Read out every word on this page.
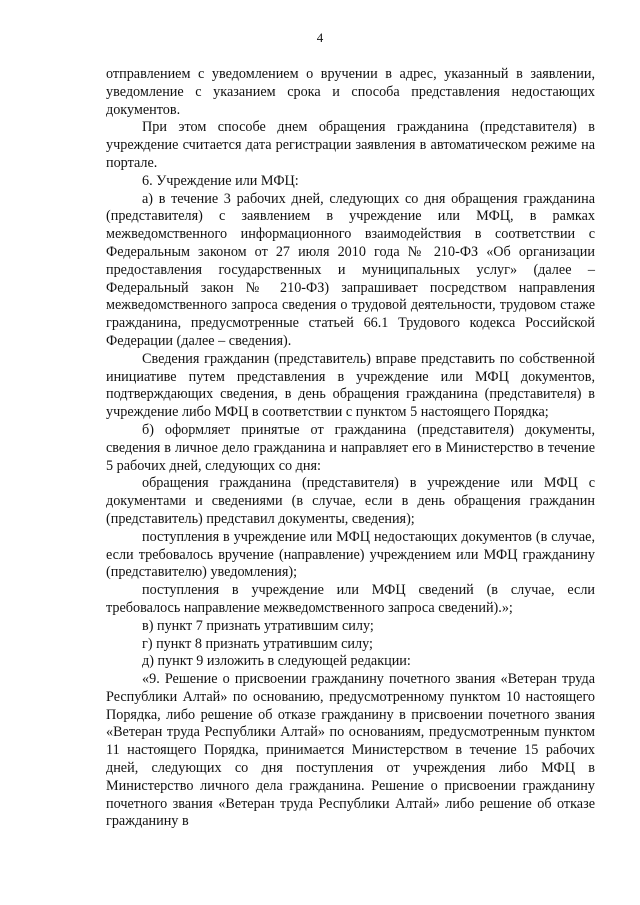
4

отправлением с уведомлением о вручении в адрес, указанный в заявлении, уведомление с указанием срока и способа представления недостающих документов.

При этом способе днем обращения гражданина (представителя) в учреждение считается дата регистрации заявления в автоматическом режиме на портале.

6. Учреждение или МФЦ:

а) в течение 3 рабочих дней, следующих со дня обращения гражданина (представителя) с заявлением в учреждение или МФЦ, в рамках межведомственного информационного взаимодействия в соответствии с Федеральным законом от 27 июля 2010 года № 210-ФЗ «Об организации предоставления государственных и муниципальных услуг» (далее – Федеральный закон № 210-ФЗ) запрашивает посредством направления межведомственного запроса сведения о трудовой деятельности, трудовом стаже гражданина, предусмотренные статьей 66.1 Трудового кодекса Российской Федерации (далее – сведения).

Сведения гражданин (представитель) вправе представить по собственной инициативе путем представления в учреждение или МФЦ документов, подтверждающих сведения, в день обращения гражданина (представителя) в учреждение либо МФЦ в соответствии с пунктом 5 настоящего Порядка;

б) оформляет принятые от гражданина (представителя) документы, сведения в личное дело гражданина и направляет его в Министерство в течение 5 рабочих дней, следующих со дня:

обращения гражданина (представителя) в учреждение или МФЦ с документами и сведениями (в случае, если в день обращения гражданин (представитель) представил документы, сведения);

поступления в учреждение или МФЦ недостающих документов (в случае, если требовалось вручение (направление) учреждением или МФЦ гражданину (представителю) уведомления);

поступления в учреждение или МФЦ сведений (в случае, если требовалось направление межведомственного запроса сведений).»;

в) пункт 7 признать утратившим силу;

г) пункт 8 признать утратившим силу;

д) пункт 9 изложить в следующей редакции:

«9. Решение о присвоении гражданину почетного звания «Ветеран труда Республики Алтай» по основанию, предусмотренному пунктом 10 настоящего Порядка, либо решение об отказе гражданину в присвоении почетного звания «Ветеран труда Республики Алтай» по основаниям, предусмотренным пунктом 11 настоящего Порядка, принимается Министерством в течение 15 рабочих дней, следующих со дня поступления от учреждения либо МФЦ в Министерство личного дела гражданина. Решение о присвоении гражданину почетного звания «Ветеран труда Республики Алтай» либо решение об отказе гражданину в
